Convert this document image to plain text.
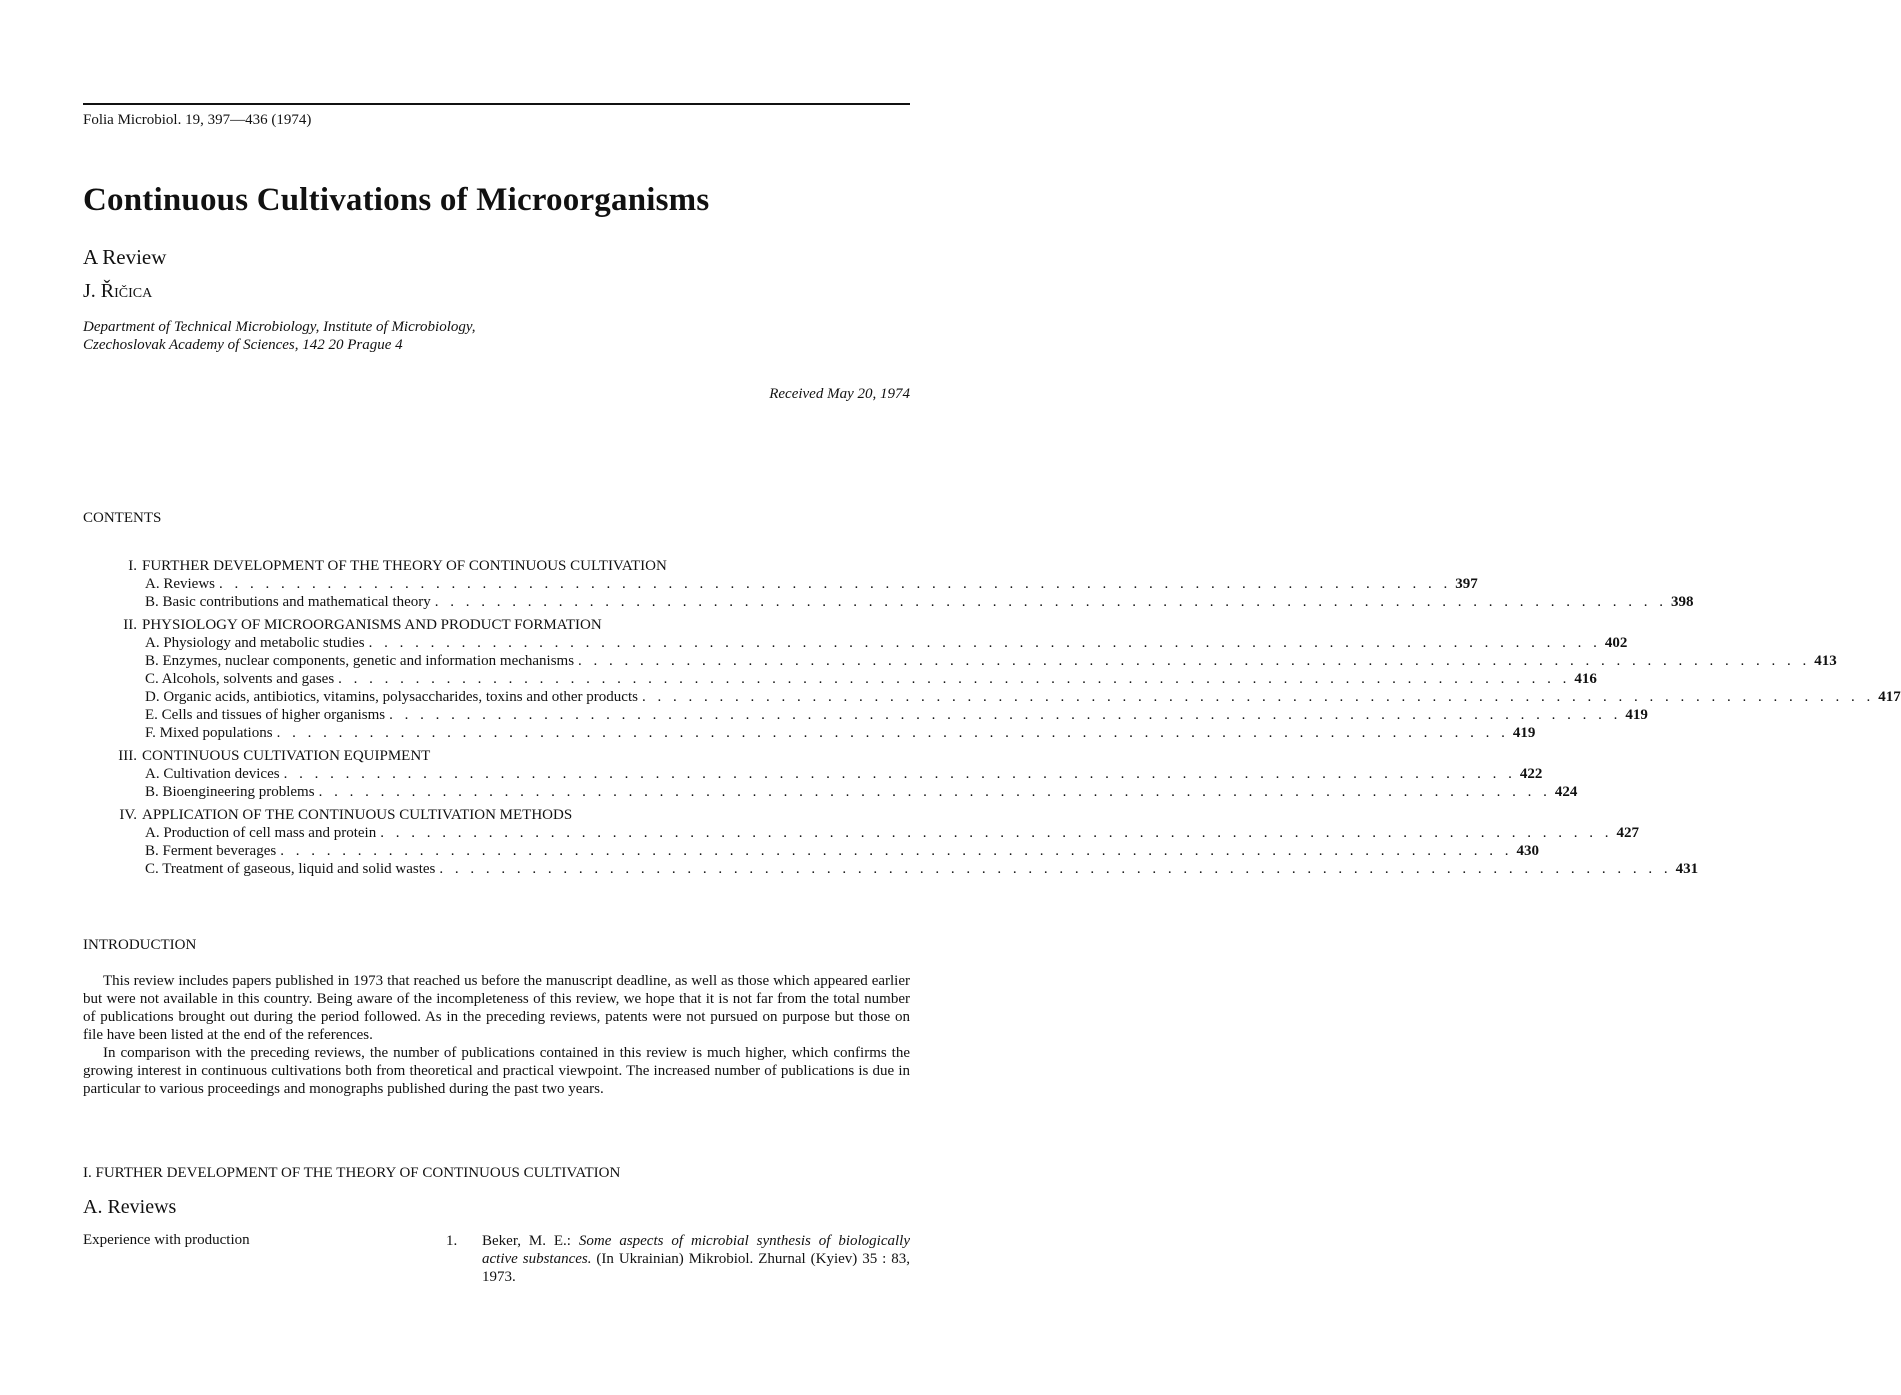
Folia Microbiol. 19, 397—436 (1974)
Continuous Cultivations of Microorganisms
A Review
J. Řičica
Department of Technical Microbiology, Institute of Microbiology,
Czechoslovak Academy of Sciences, 142 20 Prague 4
Received May 20, 1974
CONTENTS
I. FURTHER DEVELOPMENT OF THE THEORY OF CONTINUOUS CULTIVATION
A. Reviews . . . . . . . . . . . . . . . . . . . . . . . . . . . . . . . . . . . . . . . . . . . . . . . . . . . . . . . . . . . . . . . . . . . . . . . . . . . . . . . . 397
B. Basic contributions and mathematical theory . . . . . . . . . . . . . . . . . . . . . . . . . . . . . . . . . . . . . . . . . . . . . . . . . . . . . . . . . . . . . . . . . . . . . . . . . . . . . . . . 398
II. PHYSIOLOGY OF MICROORGANISMS AND PRODUCT FORMATION
A. Physiology and metabolic studies . . . . . . . . . . . . . . . . . . . . . . . . . . . . . . . . . . . . . . . . . . . . . . . . . . . . . . . . . . . . . . . . . . . . . . . . . . . . . . . . 402
B. Enzymes, nuclear components, genetic and information mechanisms . . . . . . . . . . . . . . . . . . . . . . . . . . . . . . . . . . . . . . . . . . . . . . . . . . . . . . . . . . . . . . . . . . . . . . . . . . . . . . . . 413
C. Alcohols, solvents and gases . . . . . . . . . . . . . . . . . . . . . . . . . . . . . . . . . . . . . . . . . . . . . . . . . . . . . . . . . . . . . . . . . . . . . . . . . . . . . . . . 416
D. Organic acids, antibiotics, vitamins, polysaccharides, toxins and other products . . . . . . . . . . . . . . . . . . . . . . . . . . . . . . . . . . . . . . . . . . . . . . . . . . . . . . . . . . . . . . . . . . . . . . . . . . . . . . . . 417
E. Cells and tissues of higher organisms . . . . . . . . . . . . . . . . . . . . . . . . . . . . . . . . . . . . . . . . . . . . . . . . . . . . . . . . . . . . . . . . . . . . . . . . . . . . . . . . 419
F. Mixed populations . . . . . . . . . . . . . . . . . . . . . . . . . . . . . . . . . . . . . . . . . . . . . . . . . . . . . . . . . . . . . . . . . . . . . . . . . . . . . . . . 419
III. CONTINUOUS CULTIVATION EQUIPMENT
A. Cultivation devices . . . . . . . . . . . . . . . . . . . . . . . . . . . . . . . . . . . . . . . . . . . . . . . . . . . . . . . . . . . . . . . . . . . . . . . . . . . . . . . . 422
B. Bioengineering problems . . . . . . . . . . . . . . . . . . . . . . . . . . . . . . . . . . . . . . . . . . . . . . . . . . . . . . . . . . . . . . . . . . . . . . . . . . . . . . . . 424
IV. APPLICATION OF THE CONTINUOUS CULTIVATION METHODS
A. Production of cell mass and protein . . . . . . . . . . . . . . . . . . . . . . . . . . . . . . . . . . . . . . . . . . . . . . . . . . . . . . . . . . . . . . . . . . . . . . . . . . . . . . . . 427
B. Ferment beverages . . . . . . . . . . . . . . . . . . . . . . . . . . . . . . . . . . . . . . . . . . . . . . . . . . . . . . . . . . . . . . . . . . . . . . . . . . . . . . . . 430
C. Treatment of gaseous, liquid and solid wastes . . . . . . . . . . . . . . . . . . . . . . . . . . . . . . . . . . . . . . . . . . . . . . . . . . . . . . . . . . . . . . . . . . . . . . . . . . . . . . . . 431
INTRODUCTION

This review includes papers published in 1973 that reached us before the manuscript deadline, as well as those which appeared earlier but were not available in this country. Being aware of the incompleteness of this review, we hope that it is not far from the total number of publications brought out during the period followed. As in the preceding reviews, patents were not pursued on purpose but those on file have been listed at the end of the references.

In comparison with the preceding reviews, the number of publications contained in this review is much higher, which confirms the growing interest in continuous cultivations both from theoretical and practical viewpoint. The increased number of publications is due in particular to various proceedings and monographs published during the past two years.

I. FURTHER DEVELOPMENT OF THE THEORY OF CONTINUOUS CULTIVATION
A. Reviews
Experience with production	1.	Beker, M. E.: Some aspects of microbial synthesis of biologically active substances. (In Ukrainian) Mikrobiol. Zhurnal (Kyiev) 35 : 83, 1973.
